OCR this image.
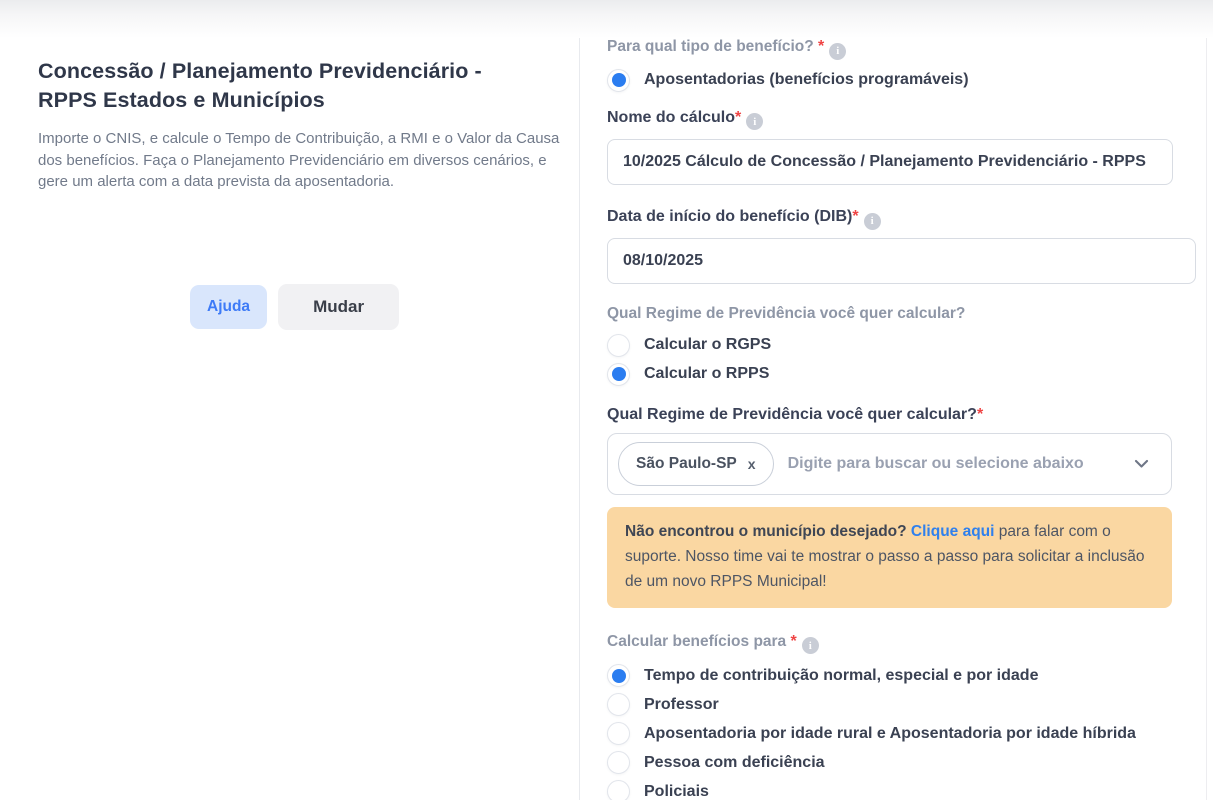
Concessão / Planejamento Previdenciário - RPPS Estados e Municípios

Importe o CNIS, e calcule o Tempo de Contribuição, a RMI e o Valor da Causa dos benefícios. Faça o Planejamento Previdenciário em diversos cenários, e gere um alerta com a data prevista da aposentadoria.

Ajuda	Mudar
Para qual tipo de benefício? * i
Aposentadorias (benefícios programáveis)
Nome do cálculo* i
10/2025 Cálculo de Concessão / Planejamento Previdenciário - RPPS
Data de início do benefício (DIB)* i
08/10/2025
Qual Regime de Previdência você quer calcular?
Calcular o RGPS
Calcular o RPPS
Qual Regime de Previdência você quer calcular?*
São Paulo-SP x Digite para buscar ou selecione abaixo
Não encontrou o município desejado? Clique aqui para falar com o suporte. Nosso time vai te mostrar o passo a passo para solicitar a inclusão de um novo RPPS Municipal!
Calcular benefícios para * i
Tempo de contribuição normal, especial e por idade
Professor
Aposentadoria por idade rural e Aposentadoria por idade híbrida
Pessoa com deficiência
Policiais
